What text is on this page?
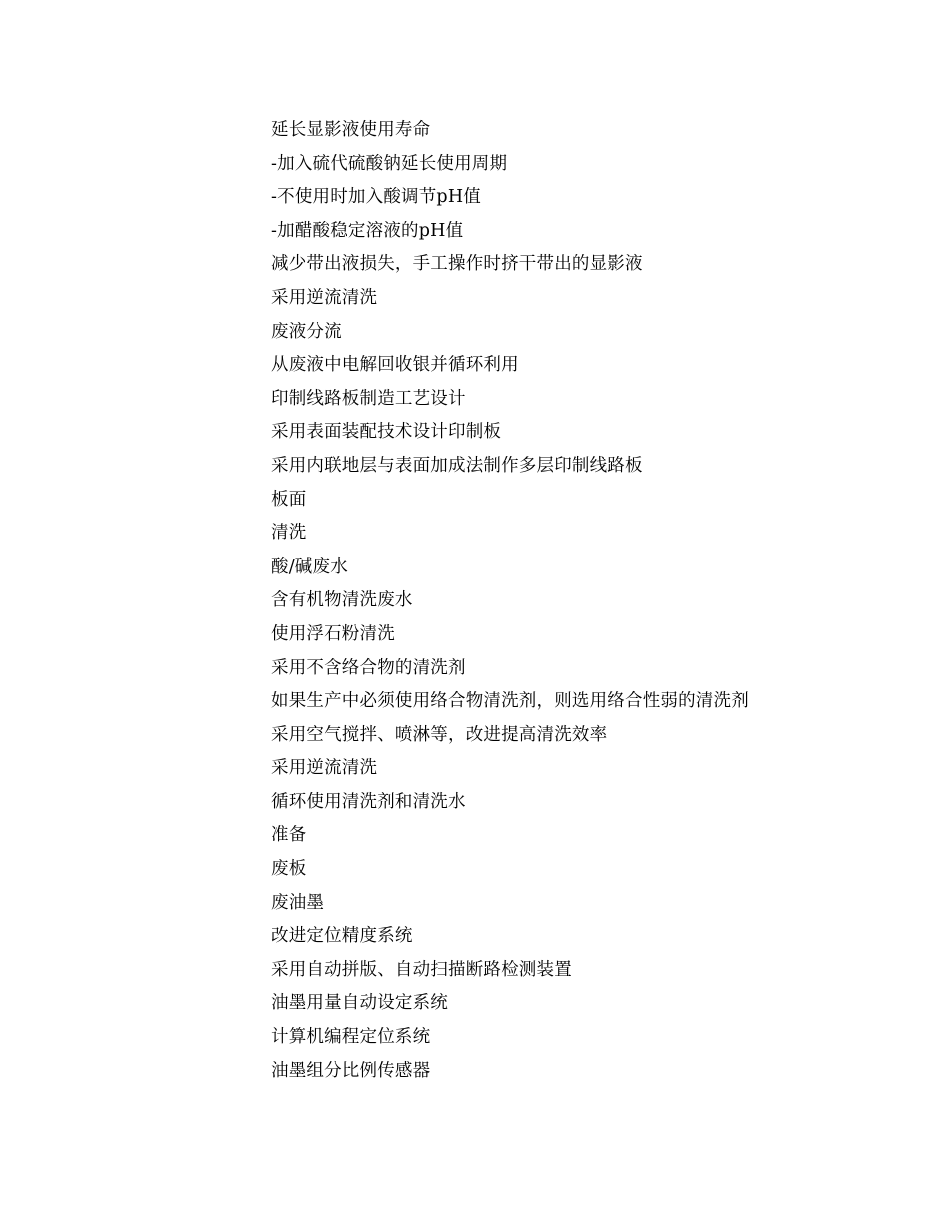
延长显影液使用寿命
-加入硫代硫酸钠延长使用周期
-不使用时加入酸调节pH值
-加醋酸稳定溶液的pH值
减少带出液损失，手工操作时挤干带出的显影液
采用逆流清洗
废液分流
从废液中电解回收银并循环利用
印制线路板制造工艺设计
采用表面装配技术设计印制板
采用内联地层与表面加成法制作多层印制线路板
板面
清洗
酸/碱废水
含有机物清洗废水
使用浮石粉清洗
采用不含络合物的清洗剂
如果生产中必须使用络合物清洗剂，则选用络合性弱的清洗剂
采用空气搅拌、喷淋等，改进提高清洗效率
采用逆流清洗
循环使用清洗剂和清洗水
准备
废板
废油墨
改进定位精度系统
采用自动拼版、自动扫描断路检测装置
油墨用量自动设定系统
计算机编程定位系统
油墨组分比例传感器
